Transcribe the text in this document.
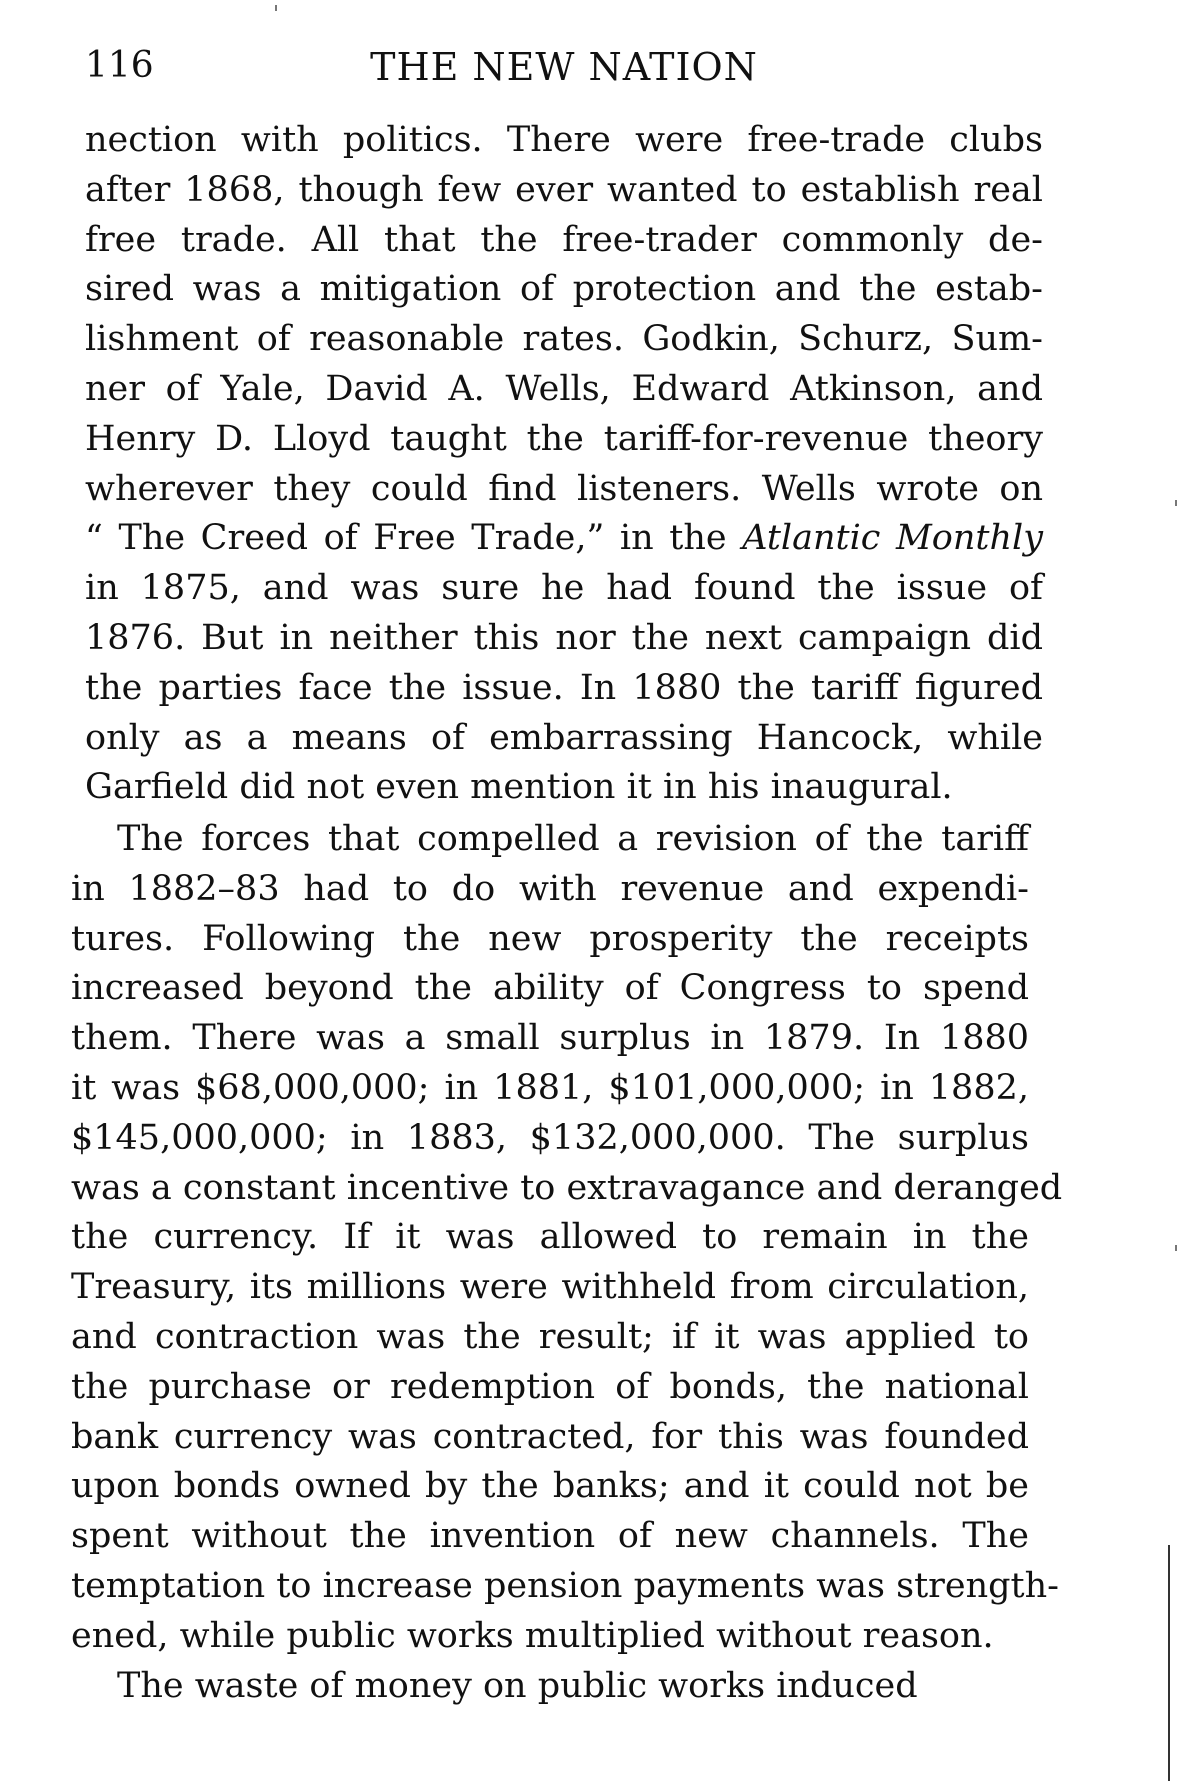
116	THE NEW NATION
nection with politics. There were free-trade clubs
after 1868, though few ever wanted to establish real
free trade. All that the free-trader commonly de-
sired was a mitigation of protection and the estab-
lishment of reasonable rates. Godkin, Schurz, Sum-
ner of Yale, David A. Wells, Edward Atkinson, and
Henry D. Lloyd taught the tariff-for-revenue theory
wherever they could find listeners. Wells wrote on
“ The Creed of Free Trade,” in the Atlantic Monthly
in 1875, and was sure he had found the issue of
1876. But in neither this nor the next campaign did
the parties face the issue. In 1880 the tariff figured
only as a means of embarrassing Hancock, while
Garfield did not even mention it in his inaugural.
The forces that compelled a revision of the tariff
in 1882–83 had to do with revenue and expendi-
tures. Following the new prosperity the receipts
increased beyond the ability of Congress to spend
them. There was a small surplus in 1879. In 1880
it was $68,000,000; in 1881, $101,000,000; in 1882,
$145,000,000; in 1883, $132,000,000. The surplus
was a constant incentive to extravagance and deranged
the currency. If it was allowed to remain in the
Treasury, its millions were withheld from circulation,
and contraction was the result; if it was applied to
the purchase or redemption of bonds, the national
bank currency was contracted, for this was founded
upon bonds owned by the banks; and it could not be
spent without the invention of new channels. The
temptation to increase pension payments was strength-
ened, while public works multiplied without reason.
The waste of money on public works induced
